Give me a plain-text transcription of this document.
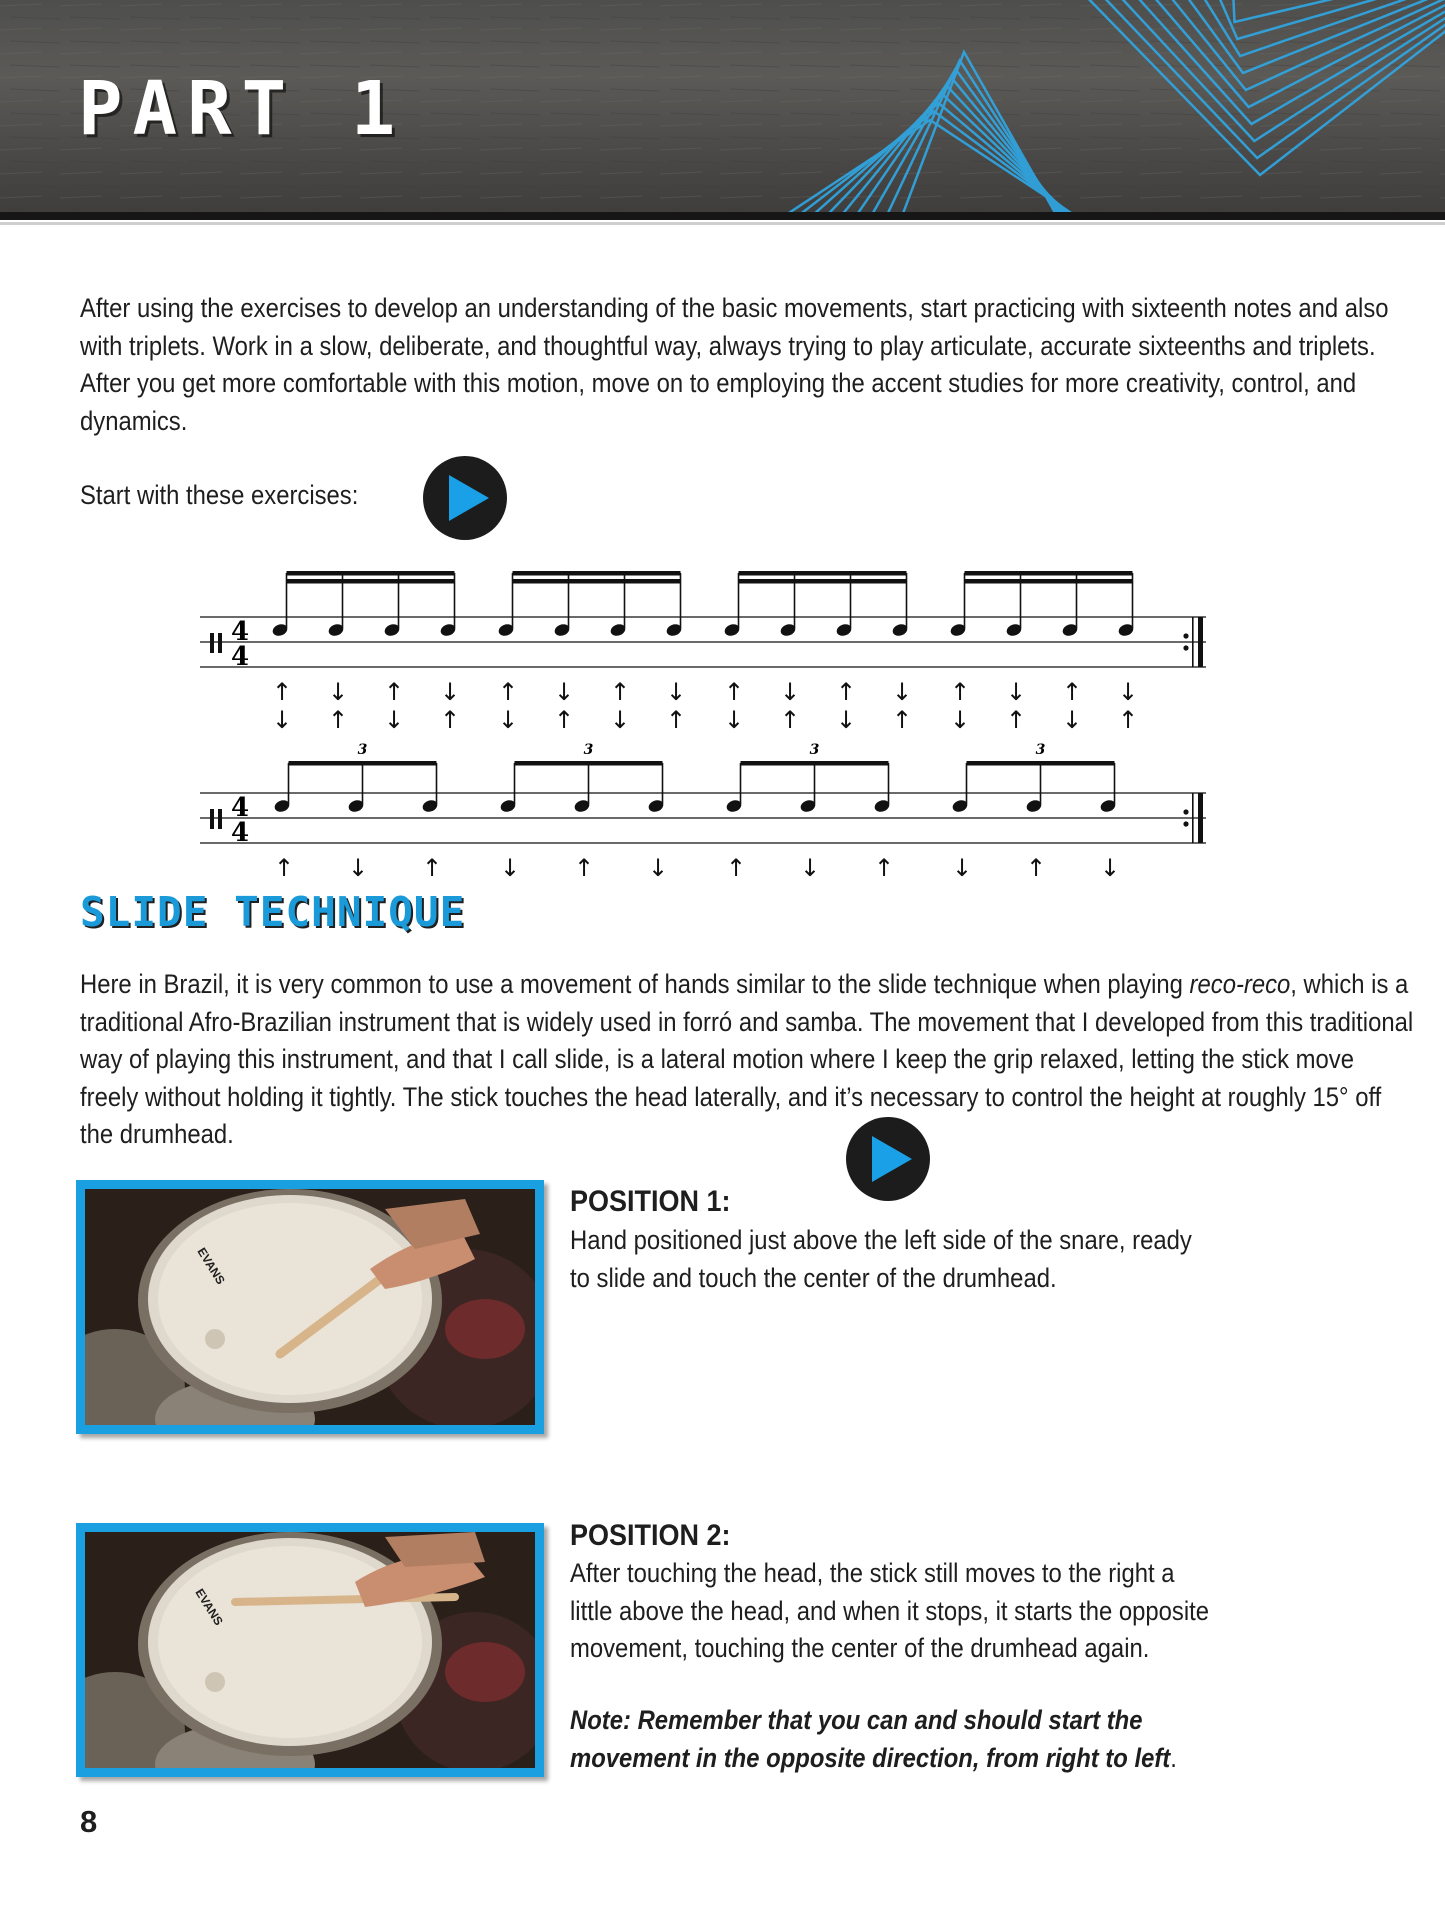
PART 1
After using the exercises to develop an understanding of the basic movements, start practicing with sixteenth notes and also with triplets. Work in a slow, deliberate, and thoughtful way, always trying to play articulate, accurate sixteenths and triplets. After you get more comfortable with this motion, move on to employing the accent studies for more creativity, control, and dynamics.
Start with these exercises:
4
4
↑ ↓ ↑ ↓ ↑ ↓ ↑ ↓ ↑ ↓ ↑ ↓ ↑ ↓ ↑ ↓
↓ ↑ ↓ ↑ ↓ ↑ ↓ ↑ ↓ ↑ ↓ ↑ ↓ ↑ ↓ ↑
4
4
3	3	3	3
↑ ↓ ↑ ↓ ↑ ↓ ↑ ↓ ↑ ↓ ↑ ↓
SLIDE TECHNIQUE
Here in Brazil, it is very common to use a movement of hands similar to the slide technique when playing reco-reco, which is a traditional Afro-Brazilian instrument that is widely used in forró and samba. The movement that I developed from this traditional way of playing this instrument, and that I call slide, is a lateral motion where I keep the grip relaxed, letting the stick move freely without holding it tightly. The stick touches the head laterally, and it’s necessary to control the height at roughly 15° off the drumhead.
EVANS
POSITION 1:
Hand positioned just above the left side of the snare, ready to slide and touch the center of the drumhead.
EVANS
POSITION 2:
After touching the head, the stick still moves to the right a little above the head, and when it stops, it starts the opposite movement, touching the center of the drumhead again.
Note: Remember that you can and should start the movement in the opposite direction, from right to left.
8
